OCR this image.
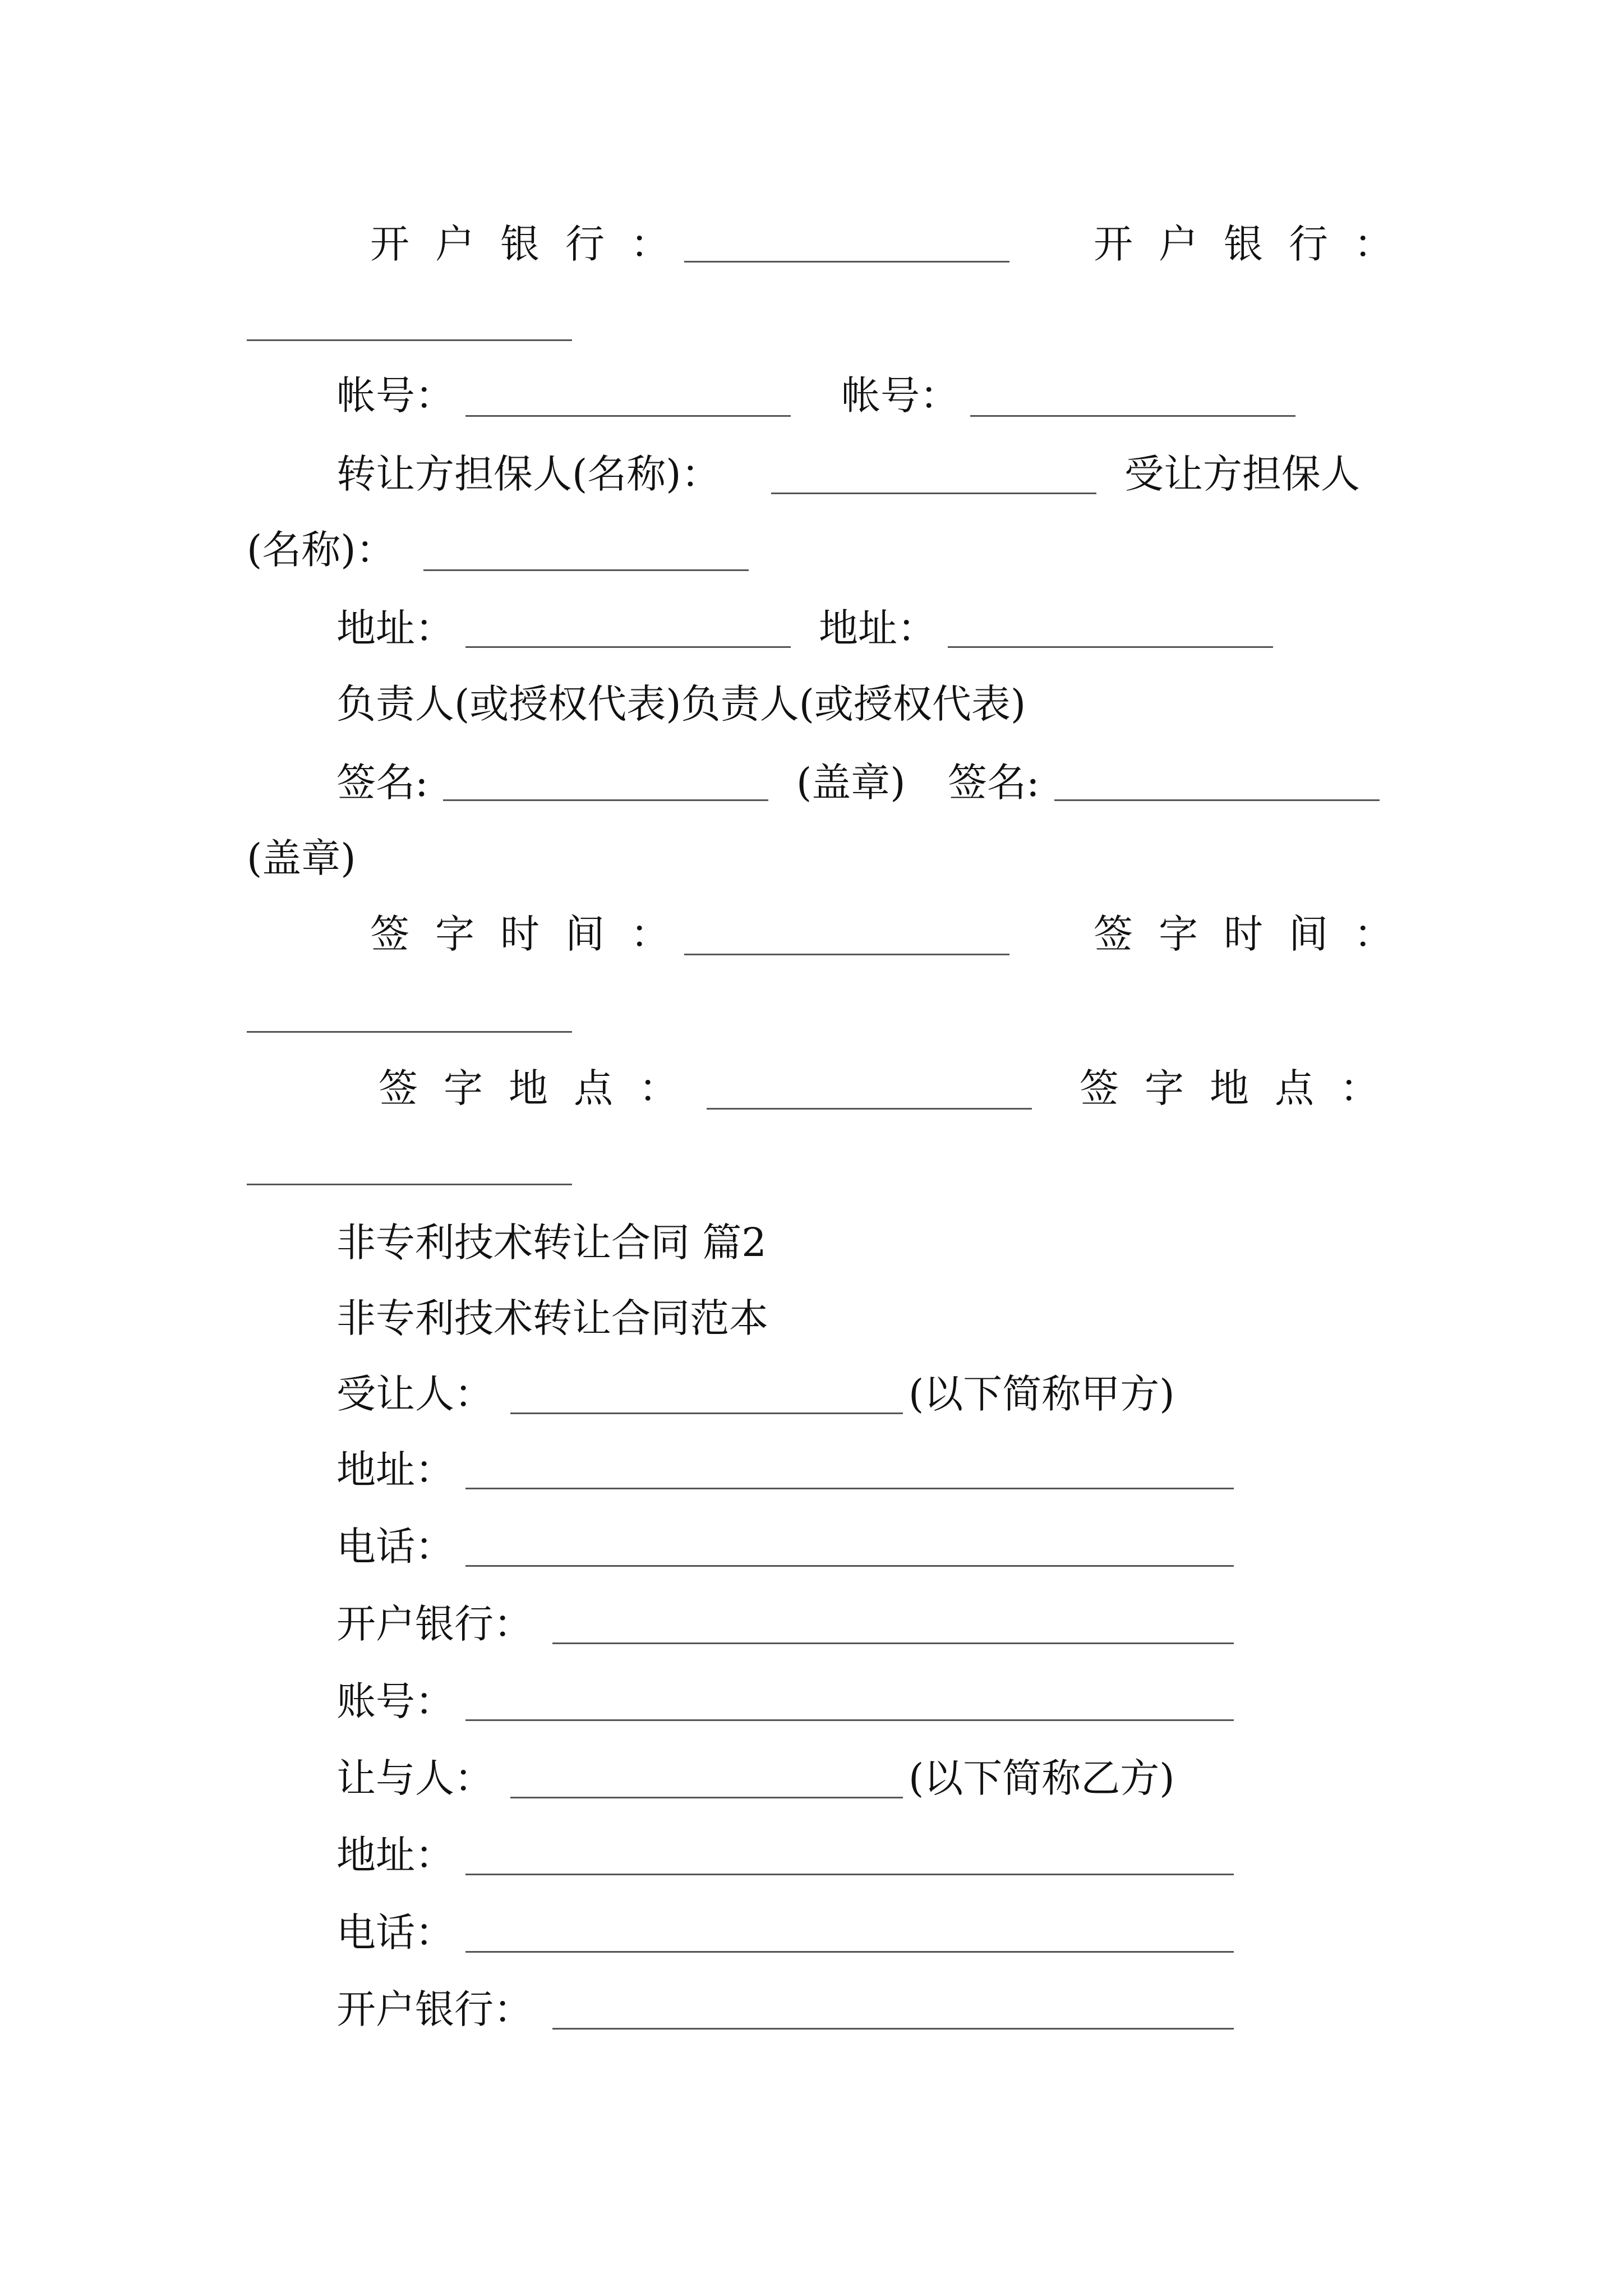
开户银行：	开户银行：
帐号：	帐号：
转让方担保人(名称)：	受让方担保人
(名称)：
地址：	地址：
负责人(或授权代表)负责人(或授权代表)
签名:	(盖章) 签名:
(盖章)
签字时间：	签字时间：
签字地点：	签字地点：
非专利技术转让合同 篇2
非专利技术转让合同范本
受让人：	(以下简称甲方)
地址：
电话：
开户银行：
账号：
让与人：	(以下简称乙方)
地址：
电话：
开户银行：
